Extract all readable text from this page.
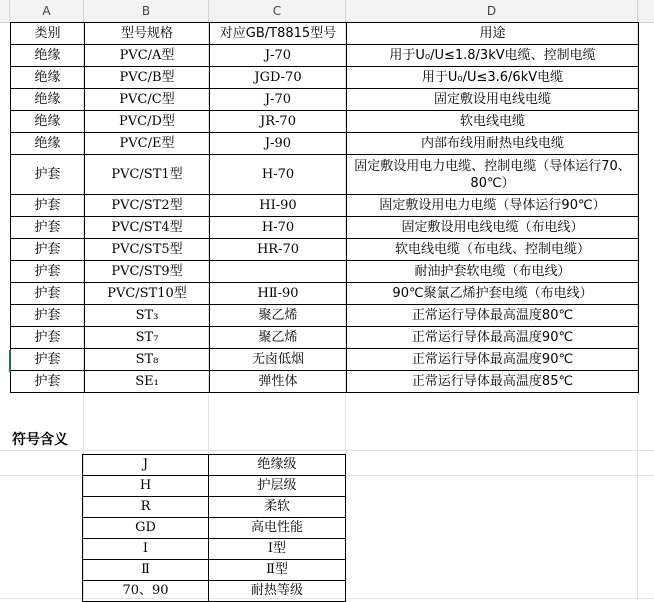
A	B	C	D
类别	型号规格	对应GB/T8815型号	用途
绝缘	PVC/A型	J-70	用于U₀/U≤1.8/3kV电缆、控制电缆
绝缘	PVC/B型	JGD-70	用于U₀/U≤3.6/6kV电缆
绝缘	PVC/C型	J-70	固定敷设用电线电缆
绝缘	PVC/D型	JR-70	软电线电缆
绝缘	PVC/E型	J-90	内部布线用耐热电线电缆
护套	PVC/ST1型	H-70	固定敷设用电力电缆、控制电缆（导体运行70、80℃）
护套	PVC/ST2型	HI-90	固定敷设用电力电缆（导体运行90℃）
护套	PVC/ST4型	H-70	固定敷设用电线电缆（布电线）
护套	PVC/ST5型	HR-70	软电线电缆（布电线、控制电缆）
护套	PVC/ST9型		耐油护套软电缆（布电线）
护套	PVC/ST10型	HⅡ-90	90℃聚氯乙烯护套电缆（布电线）
护套	ST₃	聚乙烯	正常运行导体最高温度80℃
护套	ST₇	聚乙烯	正常运行导体最高温度90℃
护套	ST₈	无卤低烟	正常运行导体最高温度90℃
护套	SE₁	弹性体	正常运行导体最高温度85℃
符号含义
J	绝缘级
H	护层级
R	柔软
GD	高电性能
I	Ⅰ型
Ⅱ	Ⅱ型
70、90	耐热等级
